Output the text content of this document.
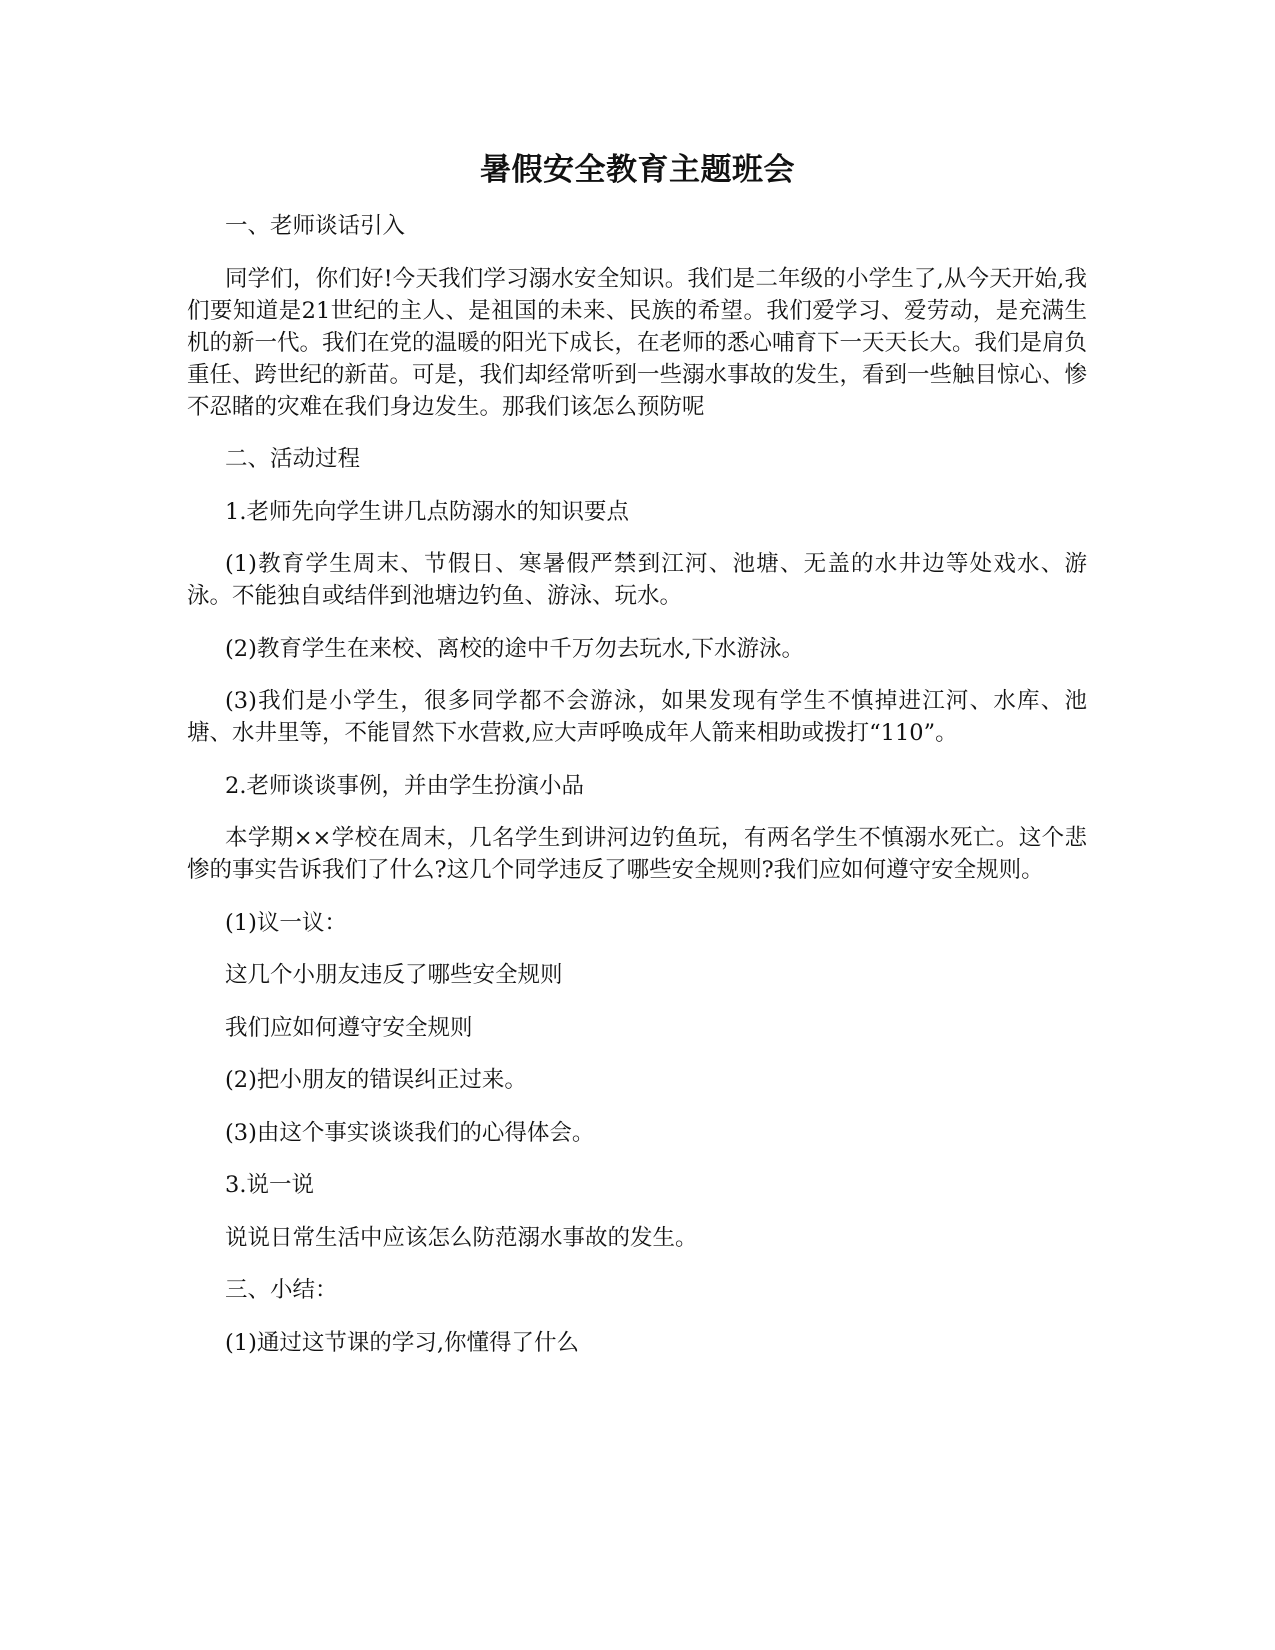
暑假安全教育主题班会

一、老师谈话引入

同学们，你们好!今天我们学习溺水安全知识。我们是二年级的小学生了,从今天开始,我们要知道是21世纪的主人、是祖国的未来、民族的希望。我们爱学习、爱劳动，是充满生机的新一代。我们在党的温暖的阳光下成长，在老师的悉心哺育下一天天长大。我们是肩负重任、跨世纪的新苗。可是，我们却经常听到一些溺水事故的发生，看到一些触目惊心、惨不忍睹的灾难在我们身边发生。那我们该怎么预防呢

二、活动过程

1.老师先向学生讲几点防溺水的知识要点

(1)教育学生周末、节假日、寒暑假严禁到江河、池塘、无盖的水井边等处戏水、游泳。不能独自或结伴到池塘边钓鱼、游泳、玩水。

(2)教育学生在来校、离校的途中千万勿去玩水,下水游泳。

(3)我们是小学生，很多同学都不会游泳，如果发现有学生不慎掉进江河、水库、池塘、水井里等，不能冒然下水营救,应大声呼唤成年人箭来相助或拨打“110”。

2.老师谈谈事例，并由学生扮演小品

本学期××学校在周末，几名学生到讲河边钓鱼玩，有两名学生不慎溺水死亡。这个悲惨的事实告诉我们了什么?这几个同学违反了哪些安全规则?我们应如何遵守安全规则。

(1)议一议：

这几个小朋友违反了哪些安全规则

我们应如何遵守安全规则

(2)把小朋友的错误纠正过来。

(3)由这个事实谈谈我们的心得体会。

3.说一说

说说日常生活中应该怎么防范溺水事故的发生。

三、小结：

(1)通过这节课的学习,你懂得了什么
